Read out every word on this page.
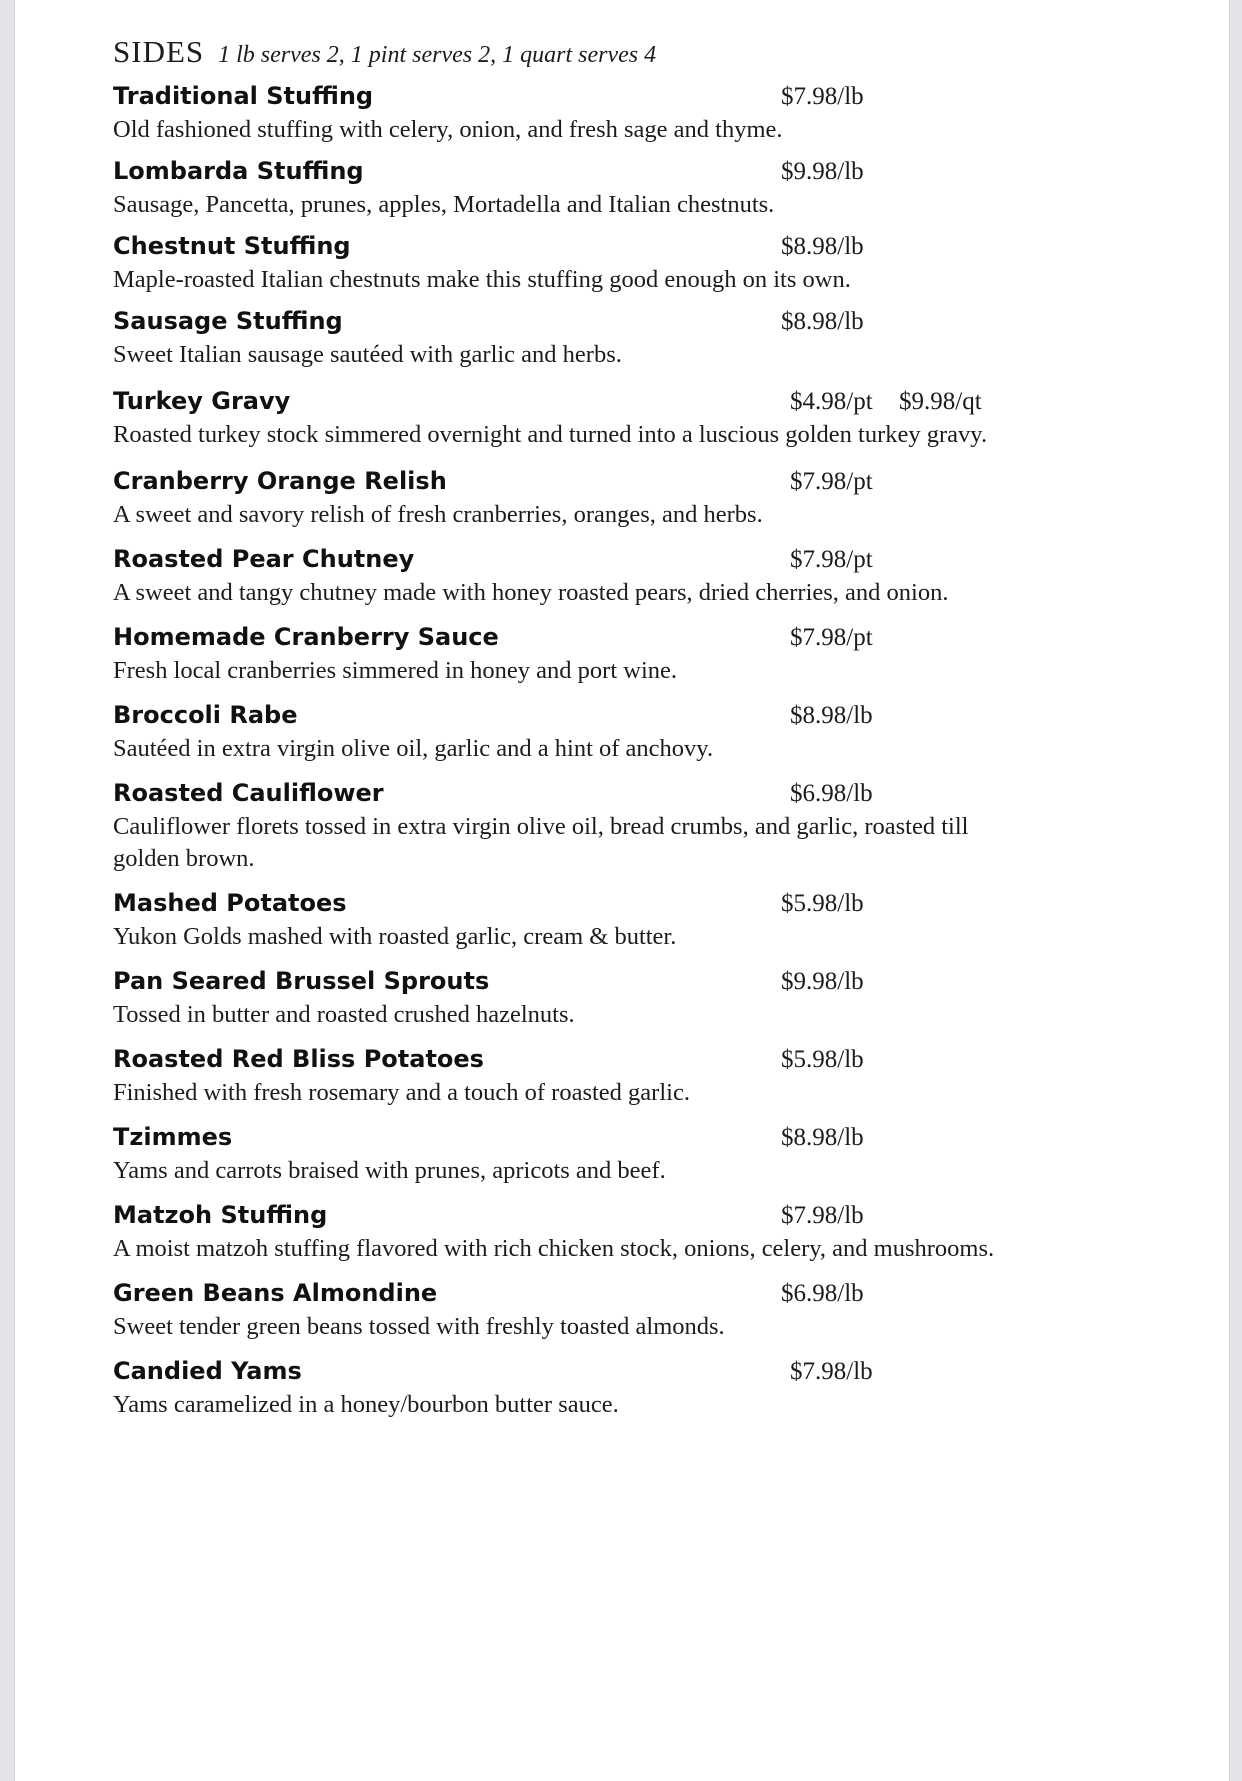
SIDES 1 lb serves 2, 1 pint serves 2, 1 quart serves 4
Traditional Stuffing	$7.98/lb
Old fashioned stuffing with celery, onion, and fresh sage and thyme.
Lombarda Stuffing	$9.98/lb
Sausage, Pancetta, prunes, apples, Mortadella and Italian chestnuts.
Chestnut Stuffing	$8.98/lb
Maple-roasted Italian chestnuts make this stuffing good enough on its own.
Sausage Stuffing	$8.98/lb
Sweet Italian sausage sautéed with garlic and herbs.
Turkey Gravy	$4.98/pt $9.98/qt
Roasted turkey stock simmered overnight and turned into a luscious golden turkey gravy.
Cranberry Orange Relish	$7.98/pt
A sweet and savory relish of fresh cranberries, oranges, and herbs.
Roasted Pear Chutney	$7.98/pt
A sweet and tangy chutney made with honey roasted pears, dried cherries, and onion.
Homemade Cranberry Sauce	$7.98/pt
Fresh local cranberries simmered in honey and port wine.
Broccoli Rabe	$8.98/lb
Sautéed in extra virgin olive oil, garlic and a hint of anchovy.
Roasted Cauliflower	$6.98/lb
Cauliflower florets tossed in extra virgin olive oil, bread crumbs, and garlic, roasted till golden brown.
Mashed Potatoes	$5.98/lb
Yukon Golds mashed with roasted garlic, cream & butter.
Pan Seared Brussel Sprouts	$9.98/lb
Tossed in butter and roasted crushed hazelnuts.
Roasted Red Bliss Potatoes	$5.98/lb
Finished with fresh rosemary and a touch of roasted garlic.
Tzimmes	$8.98/lb
Yams and carrots braised with prunes, apricots and beef.
Matzoh Stuffing	$7.98/lb
A moist matzoh stuffing flavored with rich chicken stock, onions, celery, and mushrooms.
Green Beans Almondine	$6.98/lb
Sweet tender green beans tossed with freshly toasted almonds.
Candied Yams	$7.98/lb
Yams caramelized in a honey/bourbon butter sauce.
